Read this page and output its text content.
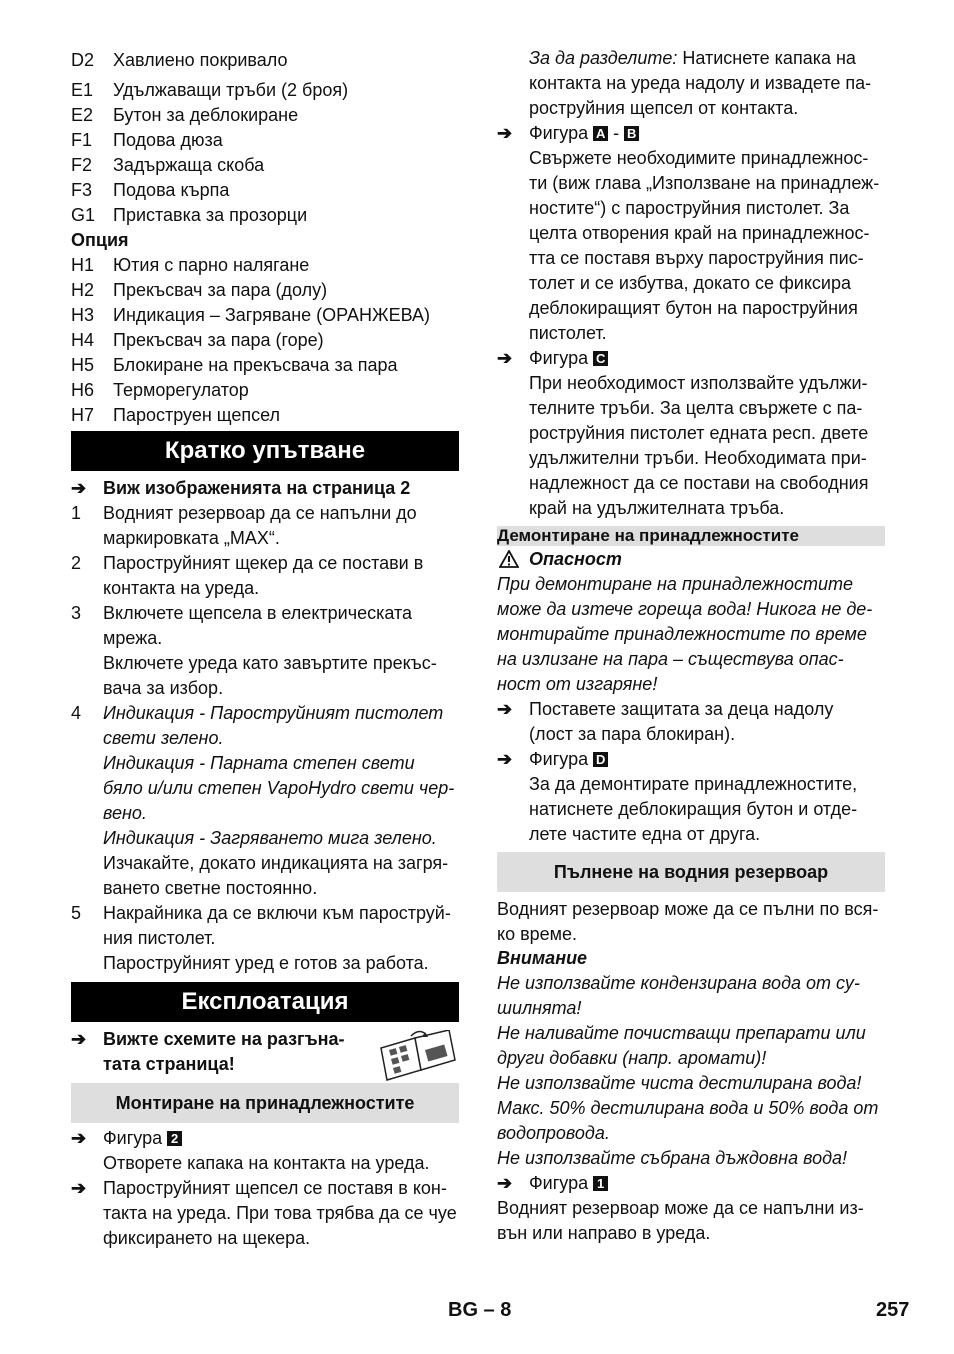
D2 Хавлиено покривало
E1 Удължаващи тръби (2 броя)
E2 Бутон за деблокиране
F1 Подова дюза
F2 Задържаща скоба
F3 Подова кърпа
G1 Приставка за прозорци
Опция
H1 Ютия с парно налягане
H2 Прекъсвач за пара (долу)
H3 Индикация – Загряване (ОРАНЖЕВА)
H4 Прекъсвач за пара (горе)
H5 Блокиране на прекъсвача за пара
H6 Терморегулатор
H7 Пароструен щепсел
Кратко упътване
➔ Виж изображенията на страница 2
1 Водният резервоар да се напълни до
маркировката „MAX“.
2 Пароструйният щекер да се постави в
контакта на уреда.
3 Включете щепсела в електрическата
мрежа.
Включете уреда като завъртите прекъс-
вача за избор.
4 Индикация - Пароструйният пистолет
свети зелено.
Индикация - Парната степен свети
бяло и/или степен VapoHydro свети чер-
вено.
Индикация - Загряването мига зелено.
Изчакайте, докато индикацията на загря-
ването светне постоянно.
5 Накрайника да се включи към пароструй-
ния пистолет.
Пароструйният уред е готов за работа.
Експлоатация
➔ Вижте схемите на разгъна-
тата страница!
Монтиране на принадлежностите
➔ Фигура 2
Отворете капака на контакта на уреда.
➔ Пароструйният щепсел се поставя в кон-
такта на уреда. При това трябва да се чуе
фиксирането на щекера.
За да разделите: Натиснете капака на
контакта на уреда надолу и извадете па-
роструйния щепсел от контакта.
➔ Фигура A - B
Свържете необходимите принадлежнос-
ти (виж глава „Използване на принадлеж-
ностите“) с пароструйния пистолет. За
целта отворения край на принадлежнос-
тта се поставя върху пароструйния пис-
толет и се избутва, докато се фиксира
деблокиращият бутон на пароструйния
пистолет.
➔ Фигура C
При необходимост използвайте удължи-
телните тръби. За целта свържете с па-
роструйния пистолет едната респ. двете
удължителни тръби. Необходимата при-
надлежност да се постави на свободния
край на удължителната тръба.
Демонтиране на принадлежностите
Опасност
При демонтиране на принадлежностите
може да изтече гореща вода! Никога не де-
монтирайте принадлежностите по време
на излизане на пара – съществува опас-
ност от изгаряне!
➔ Поставете защитата за деца надолу
(лост за пара блокиран).
➔ Фигура D
За да демонтирате принадлежностите,
натиснете деблокиращия бутон и отде-
лете частите една от друга.
Пълнене на водния резервоар
Водният резервоар може да се пълни по вся-
ко време.
Внимание
Не използвайте кондензирана вода от су-
шилнята!
Не наливайте почистващи препарати или
други добавки (напр. аромати)!
Не използвайте чиста дестилирана вода!
Макс. 50% дестилирана вода и 50% вода от
водопровода.
Не използвайте събрана дъждовна вода!
➔ Фигура 1
Водният резервоар може да се напълни из-
вън или направо в уреда.
BG – 8	257
